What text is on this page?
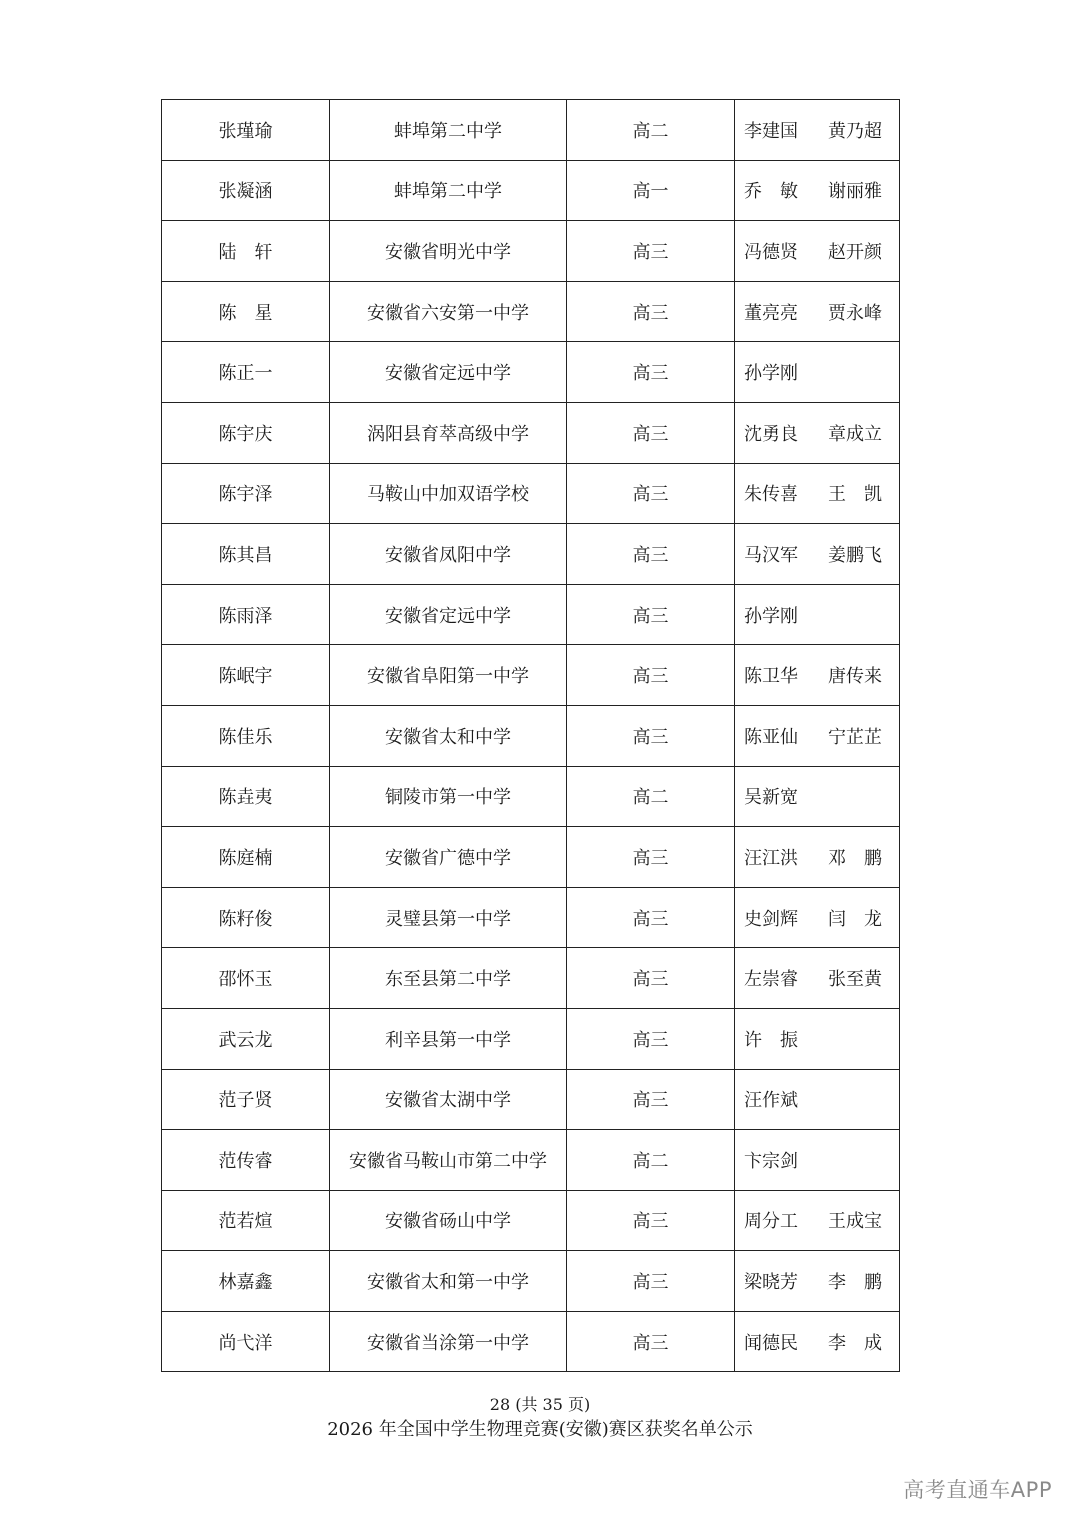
张瑾瑜	蚌埠第二中学	高二	李建国 黄乃超

张凝涵	蚌埠第二中学	高一	乔　敏 谢丽雅

陆　轩	安徽省明光中学	高三	冯德贤 赵开颜

陈　星	安徽省六安第一中学	高三	董亮亮 贾永峰

陈正一	安徽省定远中学	高三	孙学刚

陈宇庆	涡阳县育萃高级中学	高三	沈勇良 章成立

陈宇泽	马鞍山中加双语学校	高三	朱传喜 王　凯

陈其昌	安徽省凤阳中学	高三	马汉军 姜鹏飞

陈雨泽	安徽省定远中学	高三	孙学刚

陈岷宇	安徽省阜阳第一中学	高三	陈卫华 唐传来

陈佳乐	安徽省太和中学	高三	陈亚仙 宁芷芷

陈垚夷	铜陵市第一中学	高二	吴新宽

陈庭楠	安徽省广德中学	高三	汪江洪 邓　鹏

陈籽俊	灵璧县第一中学	高三	史剑辉 闫　龙

邵怀玉	东至县第二中学	高三	左崇睿 张至黄

武云龙	利辛县第一中学	高三	许　振

范子贤	安徽省太湖中学	高三	汪作斌

范传睿	安徽省马鞍山市第二中学	高二	卞宗剑

范若煊	安徽省砀山中学	高三	周分工 王成宝

林嘉鑫	安徽省太和第一中学	高三	梁晓芳 李　鹏

尚弋洋	安徽省当涂第一中学	高三	闻德民 李　成
28 (共 35 页)
2026 年全国中学生物理竞赛(安徽)赛区获奖名单公示
高考直通车APP
